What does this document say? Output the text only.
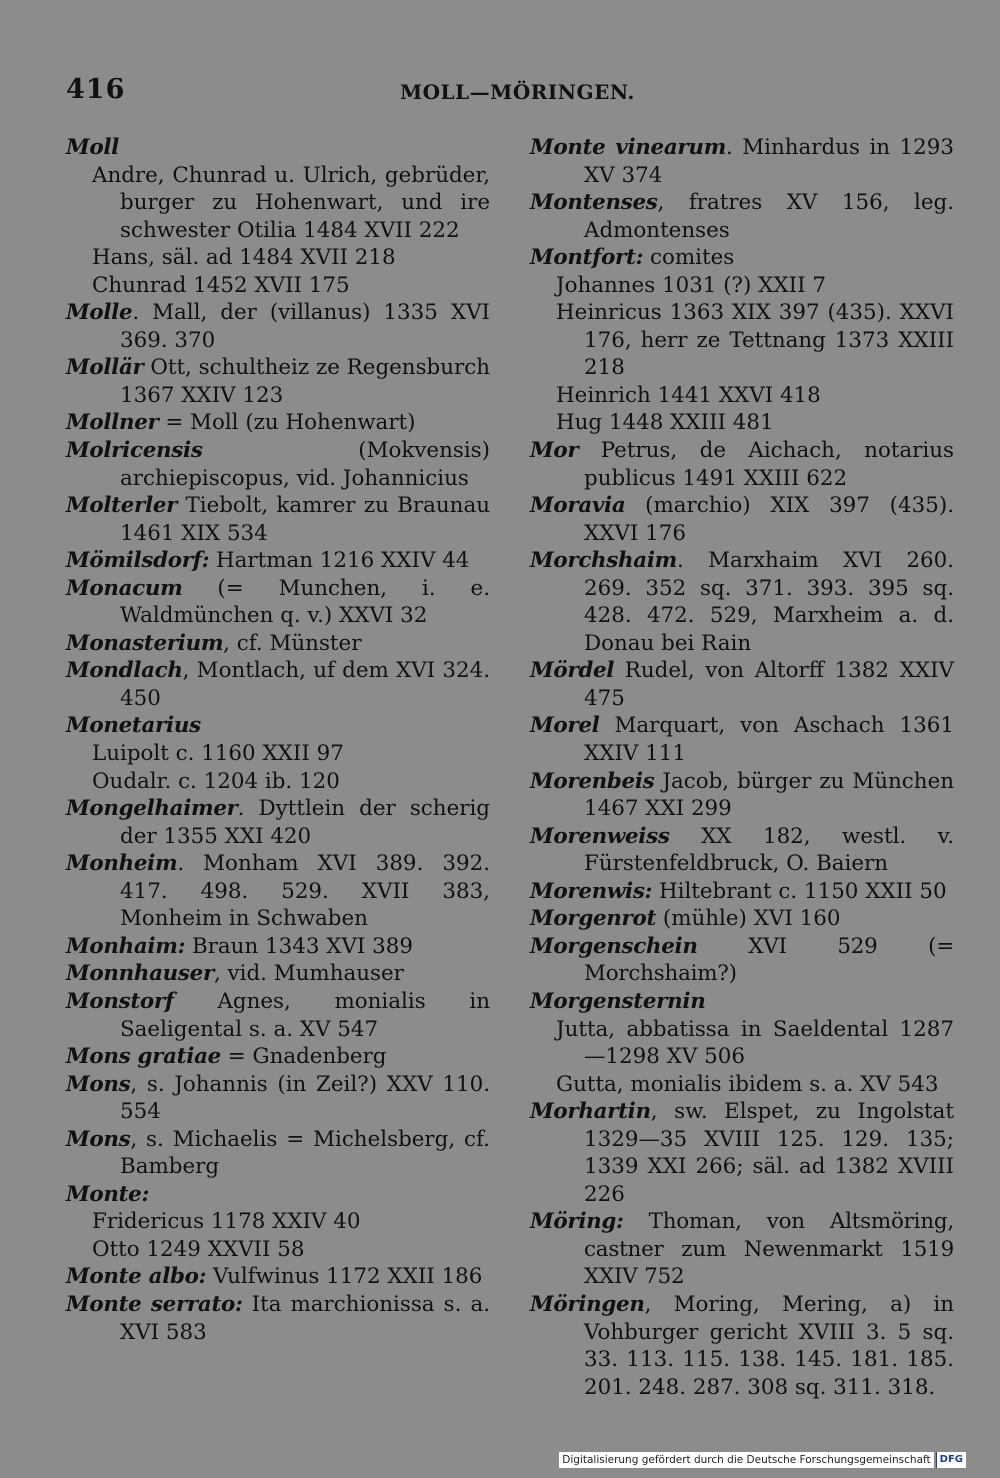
416	MOLL—MÖRINGEN.
Moll
Andre, Chunrad u. Ulrich, gebrüder, burger zu Hohenwart, und ire schwester Otilia 1484 XVII 222
Hans, säl. ad 1484 XVII 218
Chunrad 1452 XVII 175
Molle. Mall, der (villanus) 1335 XVI 369. 370
Mollär Ott, schultheiz ze Regensburch 1367 XXIV 123
Mollner = Moll (zu Hohenwart)
Molricensis (Mokvensis) archiepiscopus, vid. Johannicius
Molterler Tiebolt, kamrer zu Braunau 1461 XIX 534
Mömilsdorf: Hartman 1216 XXIV 44
Monacum (= Munchen, i. e. Waldmünchen q. v.) XXVI 32
Monasterium, cf. Münster
Mondlach, Montlach, uf dem XVI 324. 450
Monetarius
Luipolt c. 1160 XXII 97
Oudalr. c. 1204 ib. 120
Mongelhaimer. Dyttlein der scherig der 1355 XXI 420
Monheim. Monham XVI 389. 392. 417. 498. 529. XVII 383, Monheim in Schwaben
Monhaim: Braun 1343 XVI 389
Monnhauser, vid. Mumhauser
Monstorf Agnes, monialis in Saeligental s. a. XV 547
Mons gratiae = Gnadenberg
Mons, s. Johannis (in Zeil?) XXV 110. 554
Mons, s. Michaelis = Michelsberg, cf. Bamberg
Monte:
Fridericus 1178 XXIV 40
Otto 1249 XXVII 58
Monte albo: Vulfwinus 1172 XXII 186
Monte serrato: Ita marchionissa s. a. XVI 583
Monte vinearum. Minhardus in 1293 XV 374
Montenses, fratres XV 156, leg. Admontenses
Montfort: comites
Johannes 1031 (?) XXII 7
Heinricus 1363 XIX 397 (435). XXVI 176, herr ze Tettnang 1373 XXIII 218
Heinrich 1441 XXVI 418
Hug 1448 XXIII 481
Mor Petrus, de Aichach, notarius publicus 1491 XXIII 622
Moravia (marchio) XIX 397 (435). XXVI 176
Morchshaim. Marxhaim XVI 260. 269. 352 sq. 371. 393. 395 sq. 428. 472. 529, Marxheim a. d. Donau bei Rain
Mördel Rudel, von Altorff 1382 XXIV 475
Morel Marquart, von Aschach 1361 XXIV 111
Morenbeis Jacob, bürger zu München 1467 XXI 299
Morenweiss XX 182, westl. v. Fürstenfeldbruck, O. Baiern
Morenwis: Hiltebrant c. 1150 XXII 50
Morgenrot (mühle) XVI 160
Morgenschein XVI 529 (= Morchshaim?)
Morgensternin
Jutta, abbatissa in Saeldental 1287—1298 XV 506
Gutta, monialis ibidem s. a. XV 543
Morhartin, sw. Elspet, zu Ingolstat 1329—35 XVIII 125. 129. 135; 1339 XXI 266; säl. ad 1382 XVIII 226
Möring: Thoman, von Altsmöring, castner zum Newenmarkt 1519 XXIV 752
Möringen, Moring, Mering, a) in Vohburger gericht XVIII 3. 5 sq. 33. 113. 115. 138. 145. 181. 185. 201. 248. 287. 308 sq. 311. 318.
Digitalisierung gefördert durch die Deutsche Forschungsgemeinschaft DFG
